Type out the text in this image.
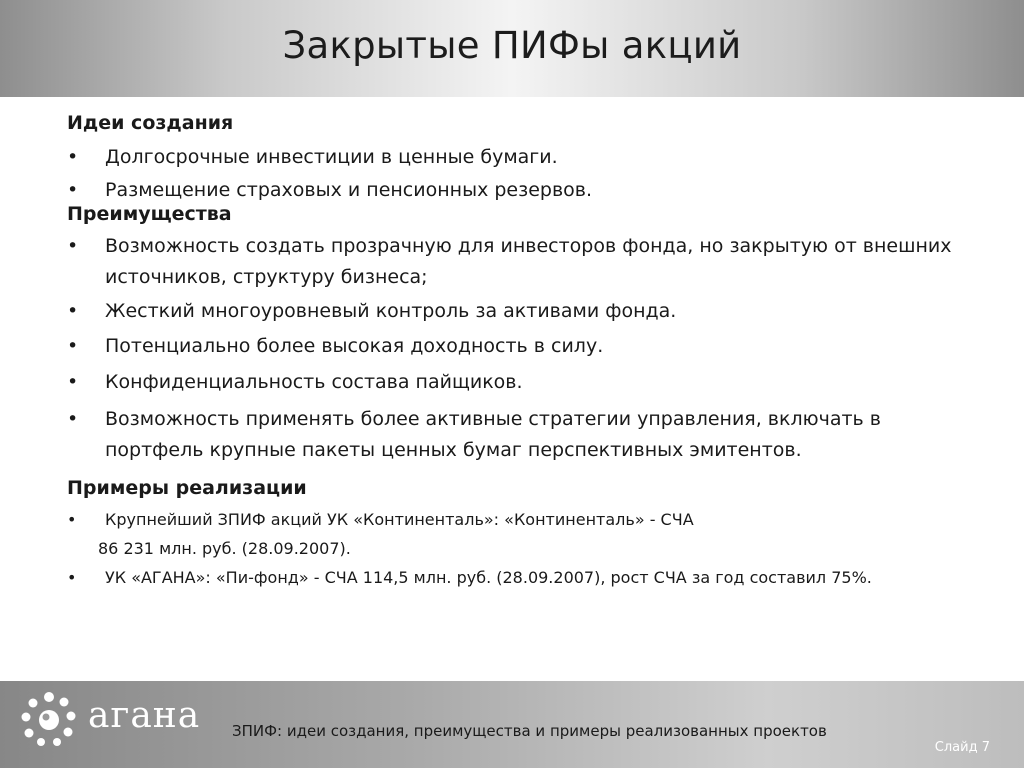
Закрытые ПИФы акций
Идеи создания
• Долгосрочные инвестиции в ценные бумаги.
• Размещение страховых и пенсионных резервов.
Преимущества
• Возможность создать прозрачную для инвесторов фонда, но закрытую от внешних источников, структуру бизнеса;
• Жесткий многоуровневый контроль за активами фонда.
• Потенциально более высокая доходность в силу.
• Конфиденциальность состава пайщиков.
• Возможность применять более активные стратегии управления, включать в портфель крупные пакеты ценных бумаг перспективных эмитентов.
Примеры реализации
• Крупнейший ЗПИФ акций УК «Континенталь»: «Континенталь» - СЧА
86 231 млн. руб. (28.09.2007).
• УК «АГАНА»: «Пи-фонд» - СЧА 114,5 млн. руб. (28.09.2007), рост СЧА за год составил 75%.
агана ЗПИФ: идеи создания, преимущества и примеры реализованных проектов
Слайд 7
